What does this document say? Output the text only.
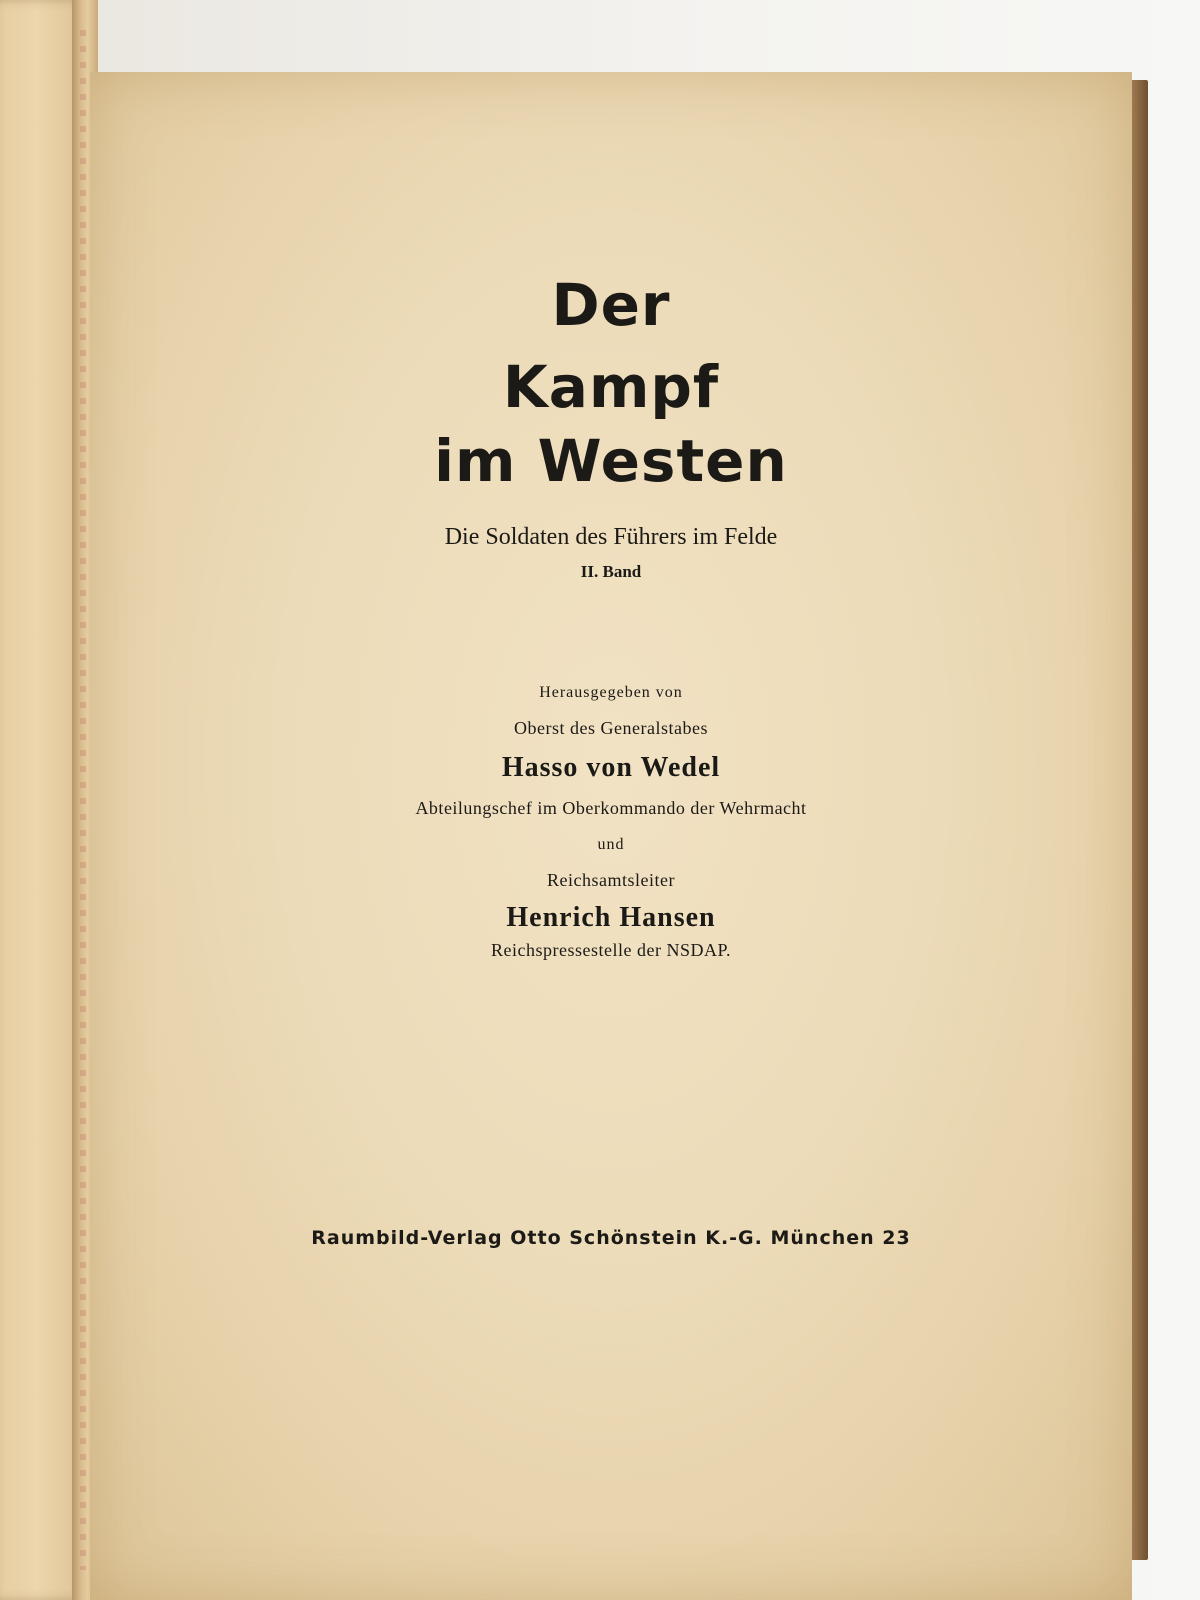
Der
Kampf
im Westen

Die Soldaten des Führers im Felde

II. Band

Herausgegeben von

Oberst des Generalstabes

Hasso von Wedel

Abteilungschef im Oberkommando der Wehrmacht

und

Reichsamtsleiter

Henrich Hansen

Reichspressestelle der NSDAP.

Raumbild-Verlag Otto Schönstein K.-G. München 23
